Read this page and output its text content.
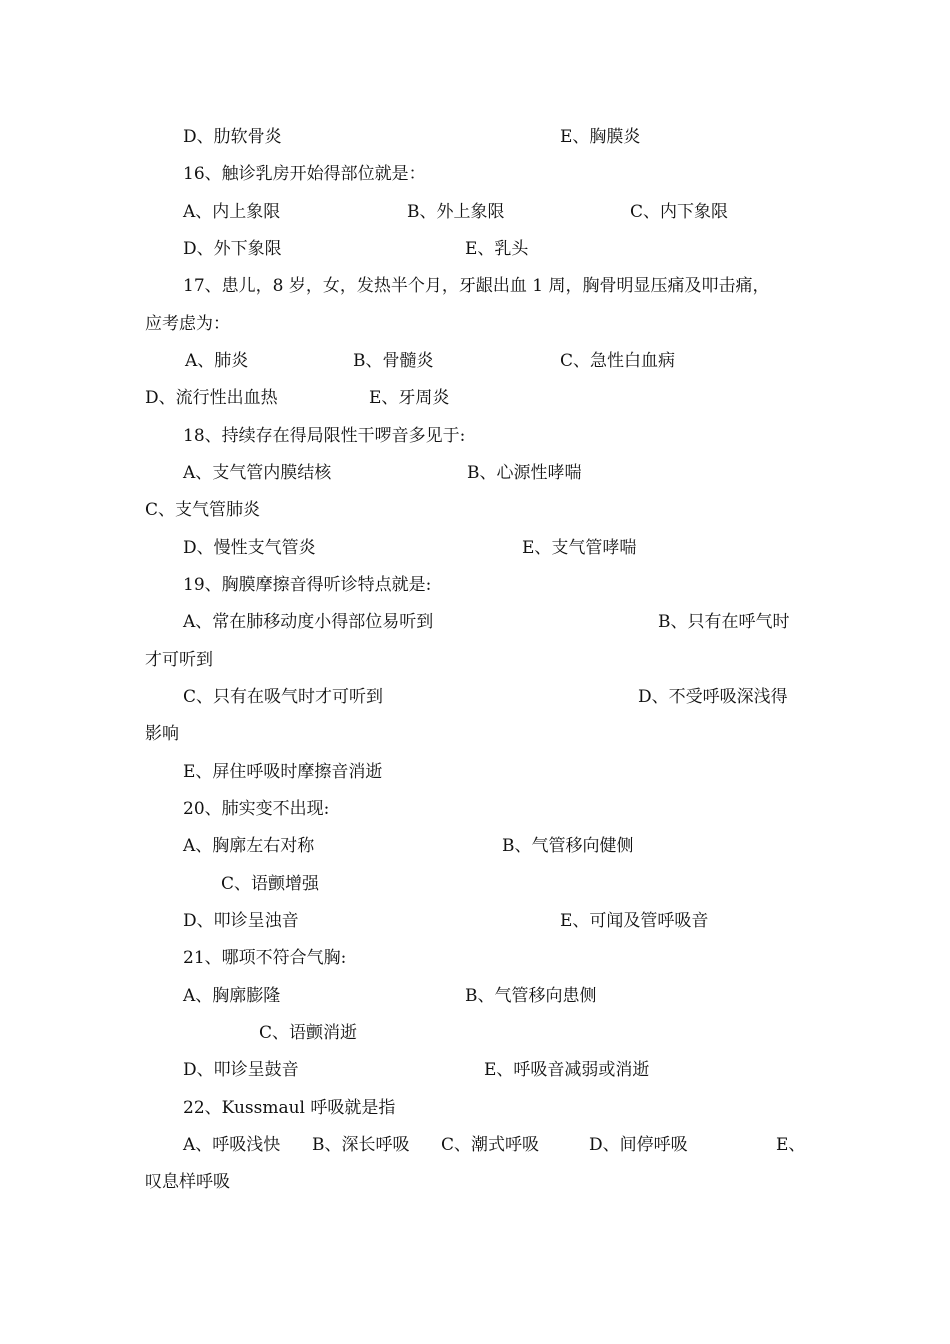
D、肋软骨炎	E、胸膜炎
16、触诊乳房开始得部位就是：
A、内上象限	B、外上象限	C、内下象限
D、外下象限	E、乳头
17、患儿，8 岁，女，发热半个月，牙龈出血 1 周，胸骨明显压痛及叩击痛，
应考虑为：
A、肺炎	B、骨髓炎	C、急性白血病
D、流行性出血热	E、牙周炎
18、持续存在得局限性干啰音多见于:
A、支气管内膜结核	B、心源性哮喘
C、支气管肺炎
D、慢性支气管炎	E、支气管哮喘
19、胸膜摩擦音得听诊特点就是:
A、常在肺移动度小得部位易听到	B、只有在呼气时
才可听到
C、只有在吸气时才可听到	D、不受呼吸深浅得
影响
E、屏住呼吸时摩擦音消逝
20、肺实变不出现:
A、胸廓左右对称	B、气管移向健侧
C、语颤增强
D、叩诊呈浊音	E、可闻及管呼吸音
21、哪项不符合气胸:
A、胸廓膨隆	B、气管移向患侧
C、语颤消逝
D、叩诊呈鼓音	E、呼吸音减弱或消逝
22、Kussmaul 呼吸就是指
A、呼吸浅快 B、深长呼吸 C、潮式呼吸	D、间停呼吸	E、
叹息样呼吸
